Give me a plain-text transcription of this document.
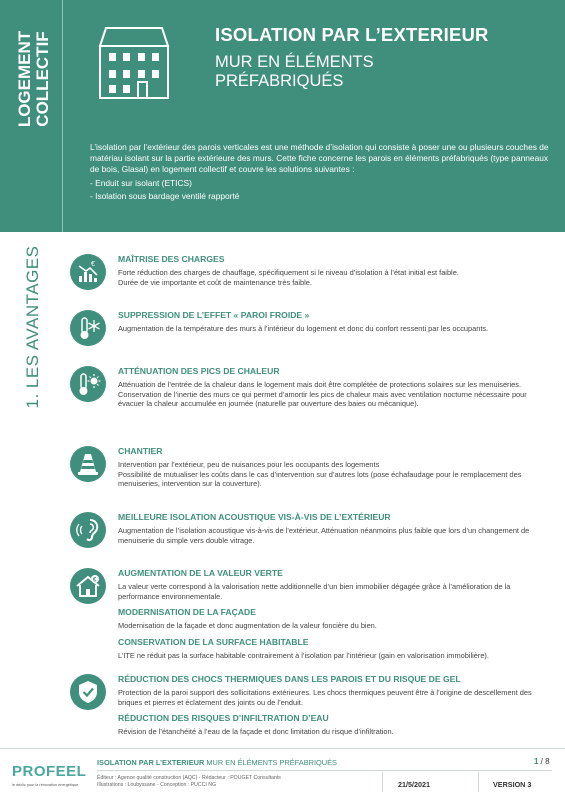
LOGEMENT
COLLECTIF	ISOLATION PAR L’EXTERIEUR
MUR EN ÉLÉMENTS
PRÉFABRIQUÉS

L’isolation par l’extérieur des parois verticales est une méthode d’isolation qui consiste à poser une ou plusieurs couches de matériau isolant sur la partie extérieure des murs. Cette fiche concerne les parois en éléments préfabriqués (type panneaux de bois, Glasal) en logement collectif et couvre les solutions suivantes :

- Enduit sur isolant (ETICS)

- Isolation sous bardage ventilé rapporté

1. LES AVANTAGES	€
MAÎTRISE DES CHARGES

Forte réduction des charges de chauffage, spécifiquement si le niveau d’isolation à l’état initial est faible.

Durée de vie importante et coût de maintenance très faible.

SUPPRESSION DE L’EFFET « PAROI FROIDE »

Augmentation de la température des murs à l’intérieur du logement et donc du confort ressenti par les occupants.

ATTÉNUATION DES PICS DE CHALEUR

Atténuation de l’entrée de la chaleur dans le logement mais doit être complétée de protections solaires sur les menuiseries.

Conservation de l’inertie des murs ce qui permet d’amortir les pics de chaleur mais avec ventilation nocturne nécessaire pour évacuer la chaleur accumulée en journée (naturelle par ouverture des baies ou mécanique).

CHANTIER

Intervention par l’extérieur, peu de nuisances pour les occupants des logements

Possibilité de mutualiser les coûts dans le cas d’intervention sur d’autres lots (pose échafaudage pour le remplacement des menuiseries, intervention sur la couverture).

MEILLEURE ISOLATION ACOUSTIQUE VIS-À-VIS DE L’EXTÉRIEUR

Augmentation de l’isolation acoustique vis-à-vis de l’extérieur. Atténuation néanmoins plus faible que lors d’un changement de menuiserie du simple vers double vitrage.

€
AUGMENTATION DE LA VALEUR VERTE

La valeur verte correspond à la valorisation nette additionnelle d’un bien immobilier dégagée grâce à l’amélioration de la performance environnementale.

MODERNISATION DE LA FAÇADE

Modernisation de la façade et donc augmentation de la valeur foncière du bien.

CONSERVATION DE LA SURFACE HABITABLE

L’ITE ne réduit pas la surface habitable contrairement à l’isolation par l’intérieur (gain en valorisation immobilière).

RÉDUCTION DES CHOCS THERMIQUES DANS LES PAROIS ET DU RISQUE DE GEL

Protection de la paroi support des sollicitations extérieures. Les chocs thermiques peuvent être à l’origine de descellement des briques et pierres et éclatement des joints ou de l’enduit.

RÉDUCTION DES RISQUES D’INFILTRATION D’EAU

Révision de l’étanchéité à l’eau de la façade et donc limitation du risque d’infiltration.

PROFEEL
le déclic pour la rénovation énergétique
ISOLATION PAR L’EXTERIEUR MUR EN ÉLÉMENTS PRÉFABRIQUÉS	1 / 8
Éditeur : Agence qualité construction (AQC) - Rédacteur : POUGET Consultants
Illustrations : Loubyssane - Conception : PUCCI NG	21/5/2021	VERSION 3
